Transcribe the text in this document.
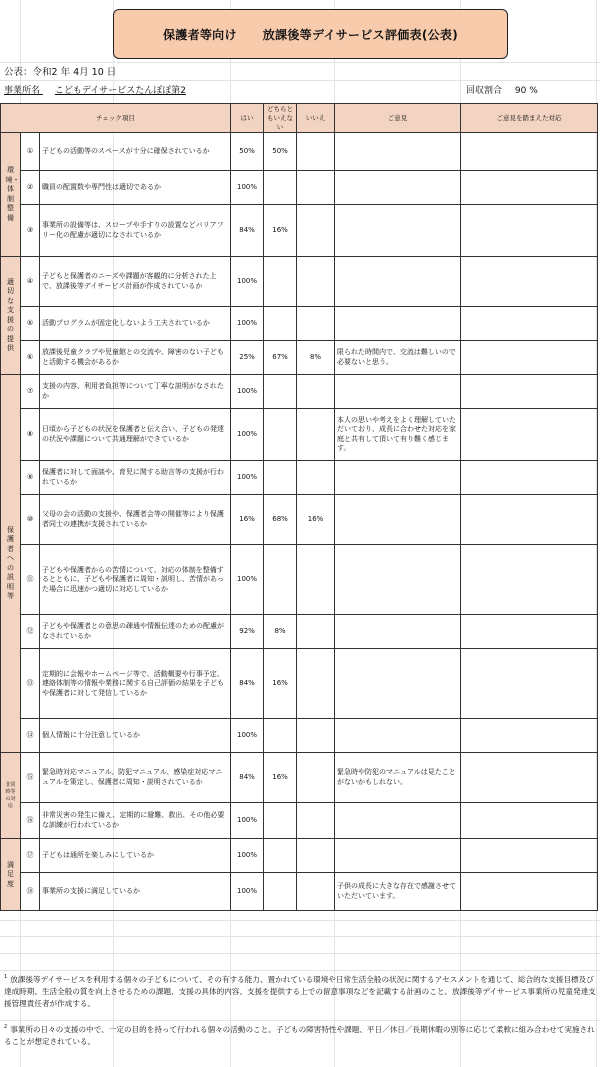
保護者等向け 放課後等デイサービス評価表(公表)
公表：令和2 年 4月 10 日
事業所名 こどもデイサービスたんぽぽ第2	回収割合 90 %
チェック項目			はい	どちらともいえない	いいえ	ご意見	ご意見を踏まえた対応

環境・体制整備	①	子どもの活動等のスペースが十分に確保されているか	50%	50%			
	②	職員の配置数や専門性は適切であるか	100%				
	③	事業所の設備等は、スロープや手すりの設置などバリアフリー化の配慮が適切になされているか	84%	16%			

適切な支援の提供	④	子どもと保護者のニーズや課題が客観的に分析された上で、放課後等デイサービス計画が作成されているか	100%				
	⑤	活動プログラムが固定化しないよう工夫されているか	100%				
	⑥	放課後児童クラブや児童館との交流や、障害のない子どもと活動する機会があるか	25%	67%	8%	限られた時間内で、交流は難しいので必要ないと思う。	

保護者への説明等	⑦	支援の内容、利用者負担等について丁寧な説明がなされたか	100%				
	⑧	日頃から子どもの状況を保護者と伝え合い、子どもの発達の状況や課題について共通理解ができているか	100%			本人の思いや考えをよく理解していただいており、成長に合わせた対応を家庭と共有して頂いて有り難く感じます。	
	⑨	保護者に対して面談や、育児に関する助言等の支援が行われているか	100%				
	⑩	父母の会の活動の支援や、保護者会等の開催等により保護者同士の連携が支援されているか	16%	68%	16%		
	⑪	子どもや保護者からの苦情について、対応の体制を整備するとともに、子どもや保護者に周知・説明し、苦情があった場合に迅速かつ適切に対応しているか	100%				
	⑫	子どもや保護者との意思の疎通や情報伝達のための配慮がなされているか	92%	8%			
	⑬	定期的に会報やホームページ等で、活動概要や行事予定、連絡体制等の情報や業務に関する自己評価の結果を子どもや保護者に対して発信しているか	84%	16%			
	⑭	個人情報に十分注意しているか	100%				

非常時等の対応	⑮	緊急時対応マニュアル、防犯マニュアル、感染症対応マニュアルを策定し、保護者に周知・説明されているか	84%	16%		緊急時や防犯のマニュアルは見たことがないかもしれない。	
	⑯	非常災害の発生に備え、定期的に避難、救出、その他必要な訓練が行われているか	100%				

満足度	⑰	子どもは通所を楽しみにしているか	100%				
	⑱	事業所の支援に満足しているか	100%			子供の成長に大きな存在で感謝させていただいています。	
$^1$ 放課後等デイサービスを利用する個々の子どもについて、その有する能力、置かれている環境や日常生活全般の状況に関するアセスメントを通じて、総合的な支援目標及び達成時期、生活全般の質を向上させるための課題、支援の具体的内容、支援を提供する上での留意事項などを記載する計画のこと。放課後等デイサービス事業所の児童発達支援管理責任者が作成する。
$^2$ 事業所の日々の支援の中で、一定の目的を持って行われる個々の活動のこと。子どもの障害特性や課題、平日／休日／長期休暇の別等に応じて柔軟に組み合わせて実施されることが想定されている。
